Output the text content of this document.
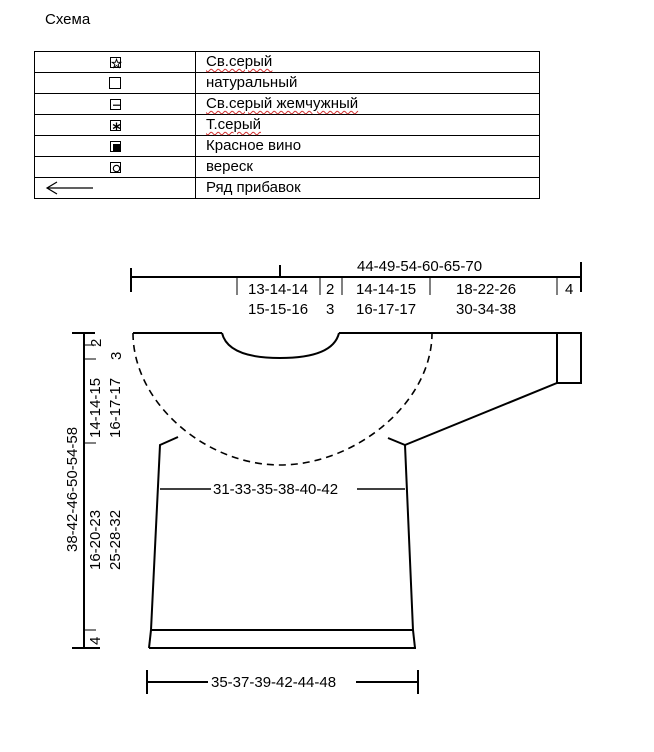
Схема
	Св.серый
	натуральный

	Св.серый жемчужный

	Т.серый

	Красное вино

	вереск
	Ряд прибавок
44-49-54-60-65-70
13-14-14
15-15-16
2
3
14-14-15
16-17-17
18-22-26
30-34-38
4
38-42-46-50-54-58
2
3
14-14-15 16-17-17
16-20-23 25-28-32
4
31-33-35-38-40-42
35-37-39-42-44-48
